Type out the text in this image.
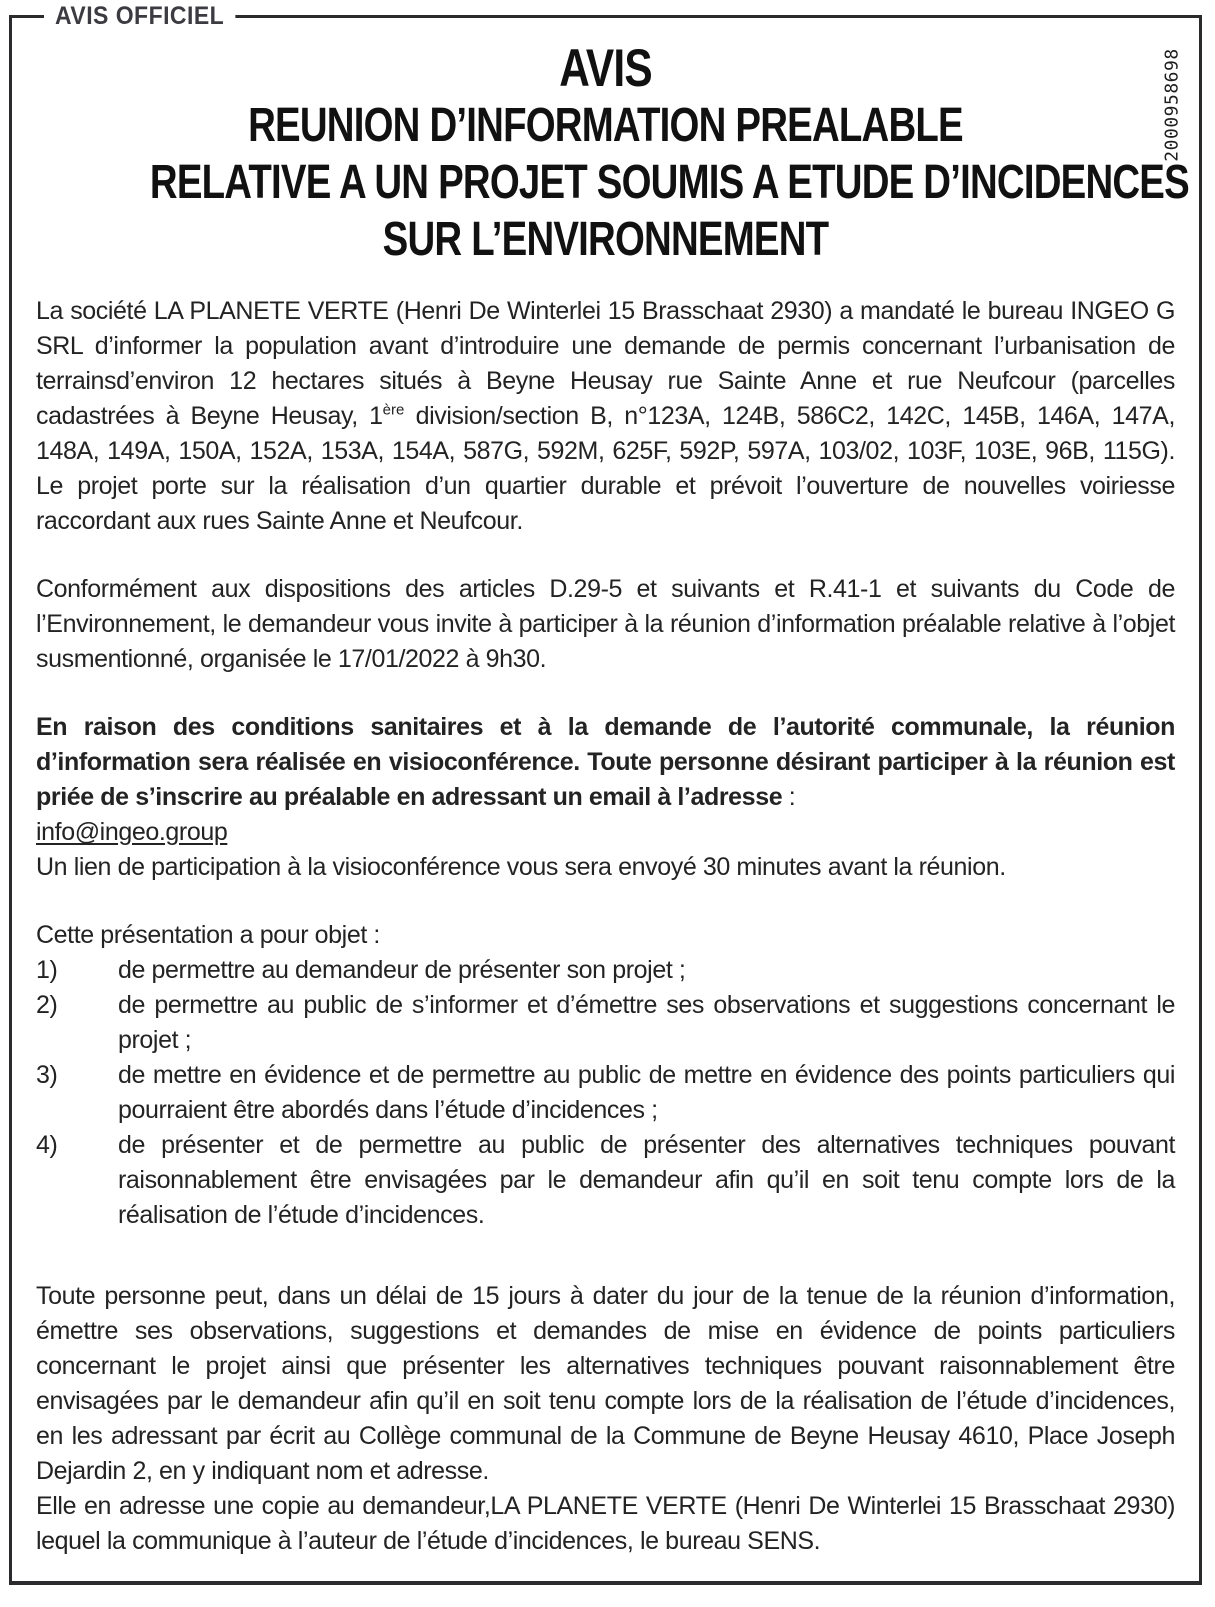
AVIS OFFICIEL
2000958698
AVIS
REUNION D’INFORMATION PREALABLE
RELATIVE A UN PROJET SOUMIS A ETUDE D’INCIDENCES
SUR L’ENVIRONNEMENT

La société LA PLANETE VERTE (Henri De Winterlei 15 Brasschaat 2930) a mandaté le bureau INGEO G SRL d’informer la population avant d’introduire une demande de permis concernant l’urbanisation de terrainsd’environ 12 hectares situés à Beyne Heusay rue Sainte Anne et rue Neufcour (parcelles cadastrées à Beyne Heusay, 1ère division/section B, n°123A, 124B, 586C2, 142C, 145B, 146A, 147A, 148A, 149A, 150A, 152A, 153A, 154A, 587G, 592M, 625F, 592P, 597A, 103/02, 103F, 103E, 96B, 115G). Le projet porte sur la réalisation d’un quartier durable et prévoit l’ouverture de nouvelles voiriesse raccordant aux rues Sainte Anne et Neufcour.

Conformément aux dispositions des articles D.29-5 et suivants et R.41-1 et suivants du Code de l’Environnement, le demandeur vous invite à participer à la réunion d’information préalable relative à l’objet susmentionné, organisée le 17/01/2022 à 9h30.

En raison des conditions sanitaires et à la demande de l’autorité communale, la réunion d’information sera réalisée en visioconférence. Toute personne désirant participer à la réunion est priée de s’inscrire au préalable en adressant un email à l’adresse :

info@ingeo.group

Un lien de participation à la visioconférence vous sera envoyé 30 minutes avant la réunion.

Cette présentation a pour objet :

1)	de permettre au demandeur de présenter son projet ;
2)	de permettre au public de s’informer et d’émettre ses observations et suggestions concernant le projet ;
3)	de mettre en évidence et de permettre au public de mettre en évidence des points particuliers qui pourraient être abordés dans l’étude d’incidences ;
4)	de présenter et de permettre au public de présenter des alternatives techniques pouvant raisonnablement être envisagées par le demandeur afin qu’il en soit tenu compte lors de la réalisation de l’étude d’incidences.

Toute personne peut, dans un délai de 15 jours à dater du jour de la tenue de la réunion d’information, émettre ses observations, suggestions et demandes de mise en évidence de points particuliers concernant le projet ainsi que présenter les alternatives techniques pouvant raisonnablement être envisagées par le demandeur afin qu’il en soit tenu compte lors de la réalisation de l’étude d’incidences, en les adressant par écrit au Collège communal de la Commune de Beyne Heusay 4610, Place Joseph Dejardin 2, en y indiquant nom et adresse.

Elle en adresse une copie au demandeur,LA PLANETE VERTE (Henri De Winterlei 15 Brasschaat 2930) lequel la communique à l’auteur de l’étude d’incidences, le bureau SENS.
